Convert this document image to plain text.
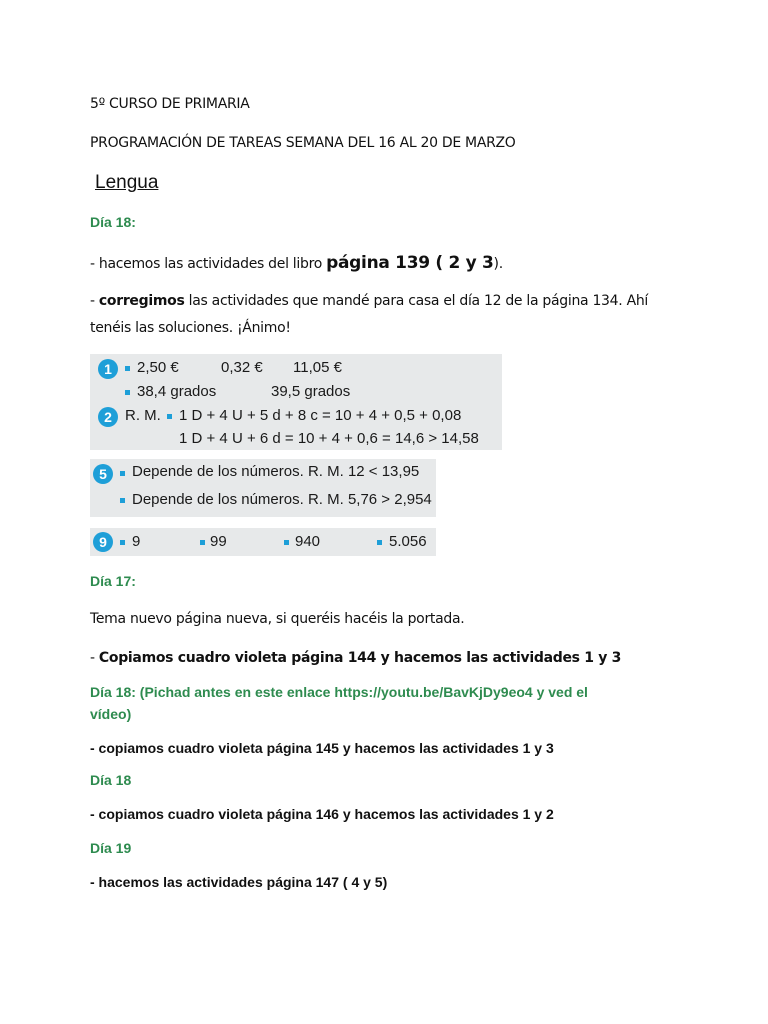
5º CURSO DE PRIMARIA
PROGRAMACIÓN DE TAREAS SEMANA DEL 16 AL 20 DE MARZO
Lengua
Día 18:
- hacemos las actividades del libro página 139 ( 2 y 3).
- corregimos las actividades que mandé para casa el día 12 de la página 134. Ahí
tenéis las soluciones. ¡Ánimo!
1	2,50 €	0,32 € 11,05 €
38,4 grados	39,5 grados
2 R. M. 1 D + 4 U + 5 d + 8 c = 10 + 4 + 0,5 + 0,08
1 D + 4 U + 6 d = 10 + 4 + 0,6 = 14,6 > 14,58
5	Depende de los números. R. M. 12 < 13,95
Depende de los números. R. M. 5,76 > 2,954
9	9	99	940	5.056
Día 17:
Tema nuevo página nueva, si queréis hacéis la portada.
- Copiamos cuadro violeta página 144 y hacemos las actividades 1 y 3
Día 18: (Pichad antes en este enlace https://youtu.be/BavKjDy9eo4 y ved el
vídeo)
- copiamos cuadro violeta página 145 y hacemos las actividades 1 y 3
Día 18
- copiamos cuadro violeta página 146 y hacemos las actividades 1 y 2
Día 19
- hacemos las actividades página 147 ( 4 y 5)
